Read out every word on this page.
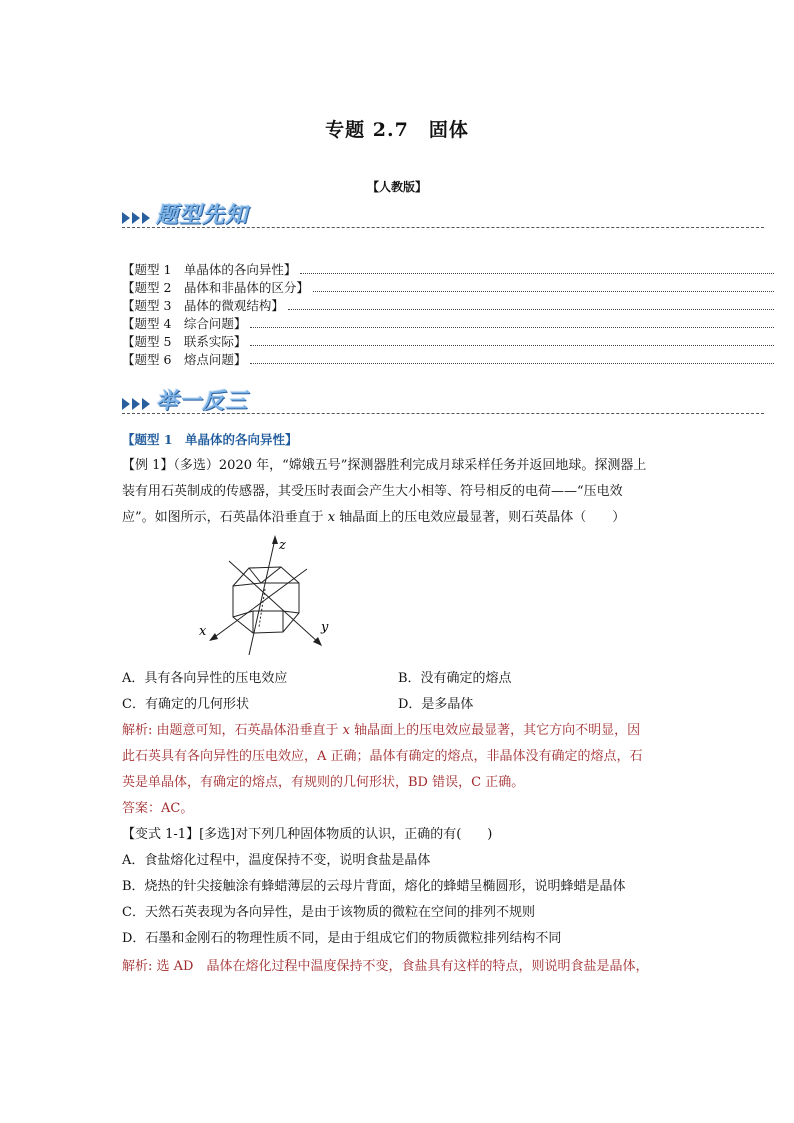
专题 2.7　固体
【人教版】
题型先知
【题型 1　单晶体的各向异性】
【题型 2　晶体和非晶体的区分】
【题型 3　晶体的微观结构】
【题型 4　综合问题】
【题型 5　联系实际】
【题型 6　熔点问题】
举一反三

【题型 1　单晶体的各向异性】

【例 1】（多选）2020 年，“嫦娥五号”探测器胜利完成月球采样任务并返回地球。探测器上

装有用石英制成的传感器，其受压时表面会产生大小相等、符号相反的电荷——“压电效

应”。如图所示，石英晶体沿垂直于 x 轴晶面上的压电效应最显著，则石英晶体（　　）

z
x	y

A．具有各向异性的压电效应	B．没有确定的熔点

C．有确定的几何形状	D．是多晶体

解析: 由题意可知，石英晶体沿垂直于 x 轴晶面上的压电效应最显著，其它方向不明显，因

此石英具有各向异性的压电效应，A 正确；晶体有确定的熔点，非晶体没有确定的熔点，石

英是单晶体，有确定的熔点，有规则的几何形状，BD 错误，C 正确。

答案：AC。

【变式 1-1】[多选]对下列几种固体物质的认识，正确的有(　　)

A．食盐熔化过程中，温度保持不变，说明食盐是晶体

B．烧热的针尖接触涂有蜂蜡薄层的云母片背面，熔化的蜂蜡呈椭圆形，说明蜂蜡是晶体

C．天然石英表现为各向异性，是由于该物质的微粒在空间的排列不规则

D．石墨和金刚石的物理性质不同，是由于组成它们的物质微粒排列结构不同

解析: 选 AD　晶体在熔化过程中温度保持不变，食盐具有这样的特点，则说明食盐是晶体，
